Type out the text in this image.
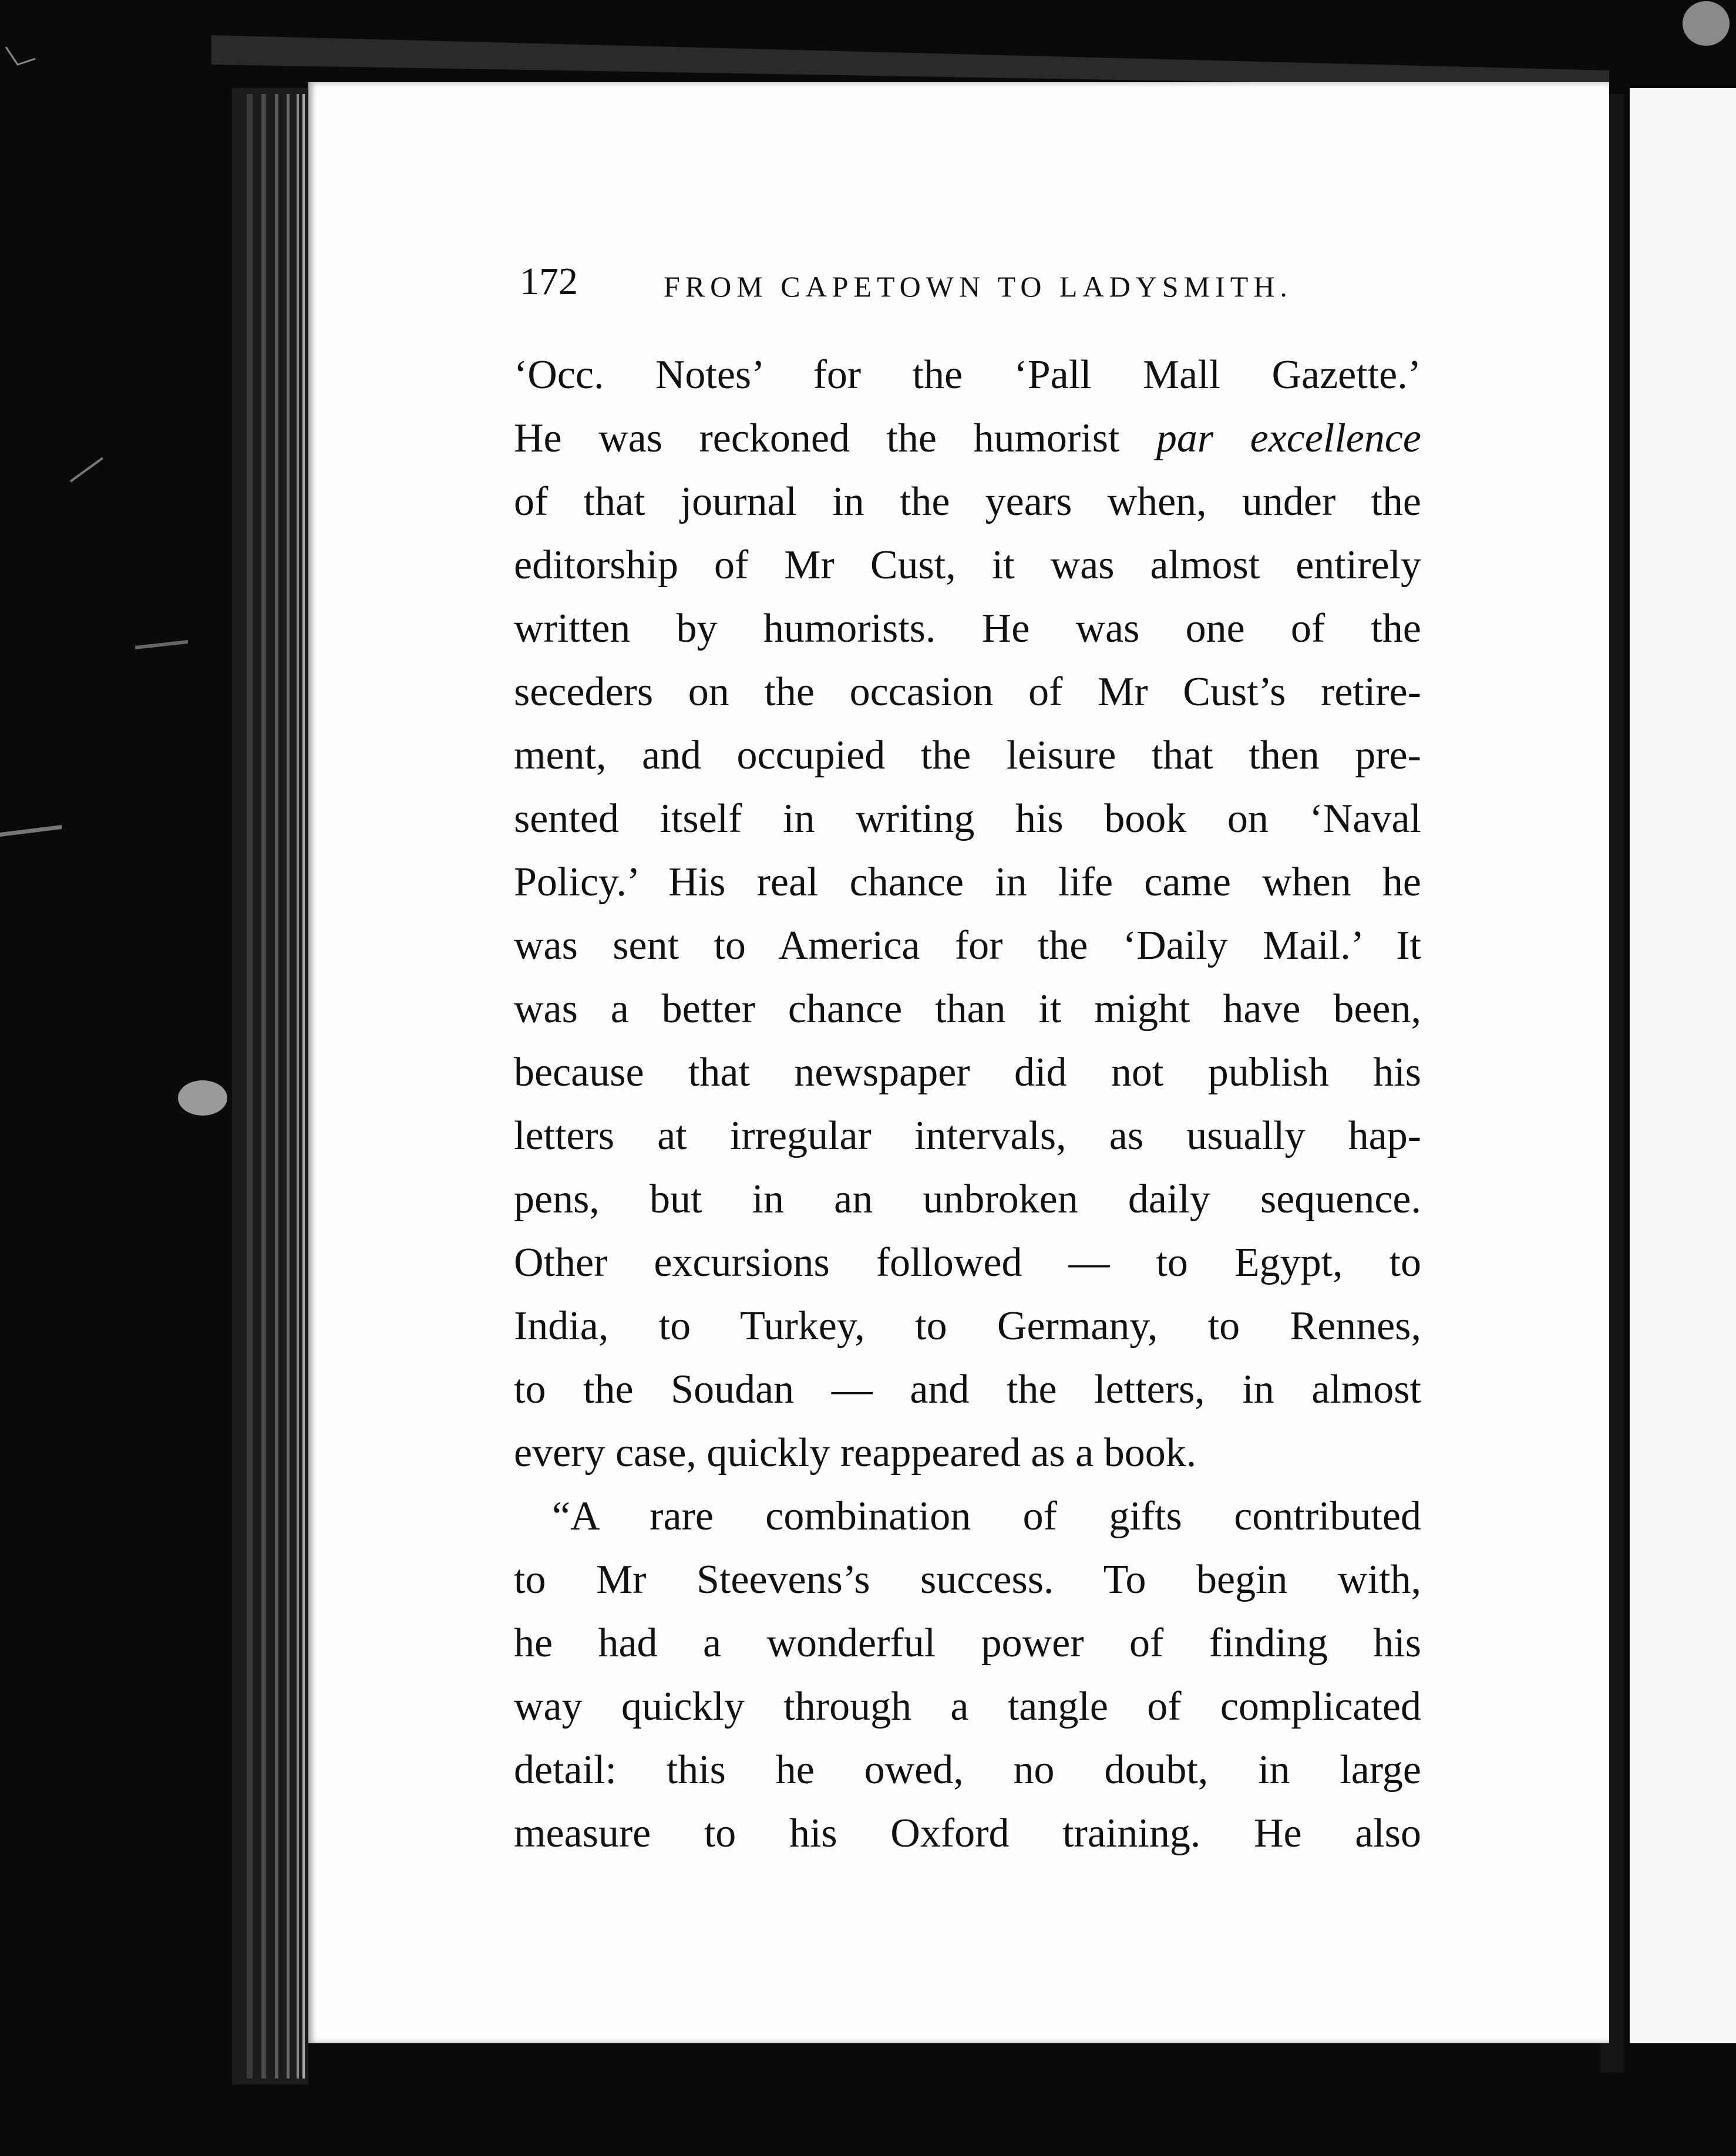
172	FROM CAPETOWN TO LADYSMITH.
‘Occ. Notes’ for the ‘Pall Mall Gazette.’
He was reckoned the humorist par excellence
of that journal in the years when, under the
editorship of Mr Cust, it was almost entirely
written by humorists. He was one of the
seceders on the occasion of Mr Cust’s retire-
ment, and occupied the leisure that then pre-
sented itself in writing his book on ‘Naval
Policy.’ His real chance in life came when he
was sent to America for the ‘Daily Mail.’ It
was a better chance than it might have been,
because that newspaper did not publish his
letters at irregular intervals, as usually hap-
pens, but in an unbroken daily sequence.
Other excursions followed — to Egypt, to
India, to Turkey, to Germany, to Rennes,
to the Soudan — and the letters, in almost
every case, quickly reappeared as a book.
“A rare combination of gifts contributed
to Mr Steevens’s success. To begin with,
he had a wonderful power of finding his
way quickly through a tangle of complicated
detail: this he owed, no doubt, in large
measure to his Oxford training. He also
